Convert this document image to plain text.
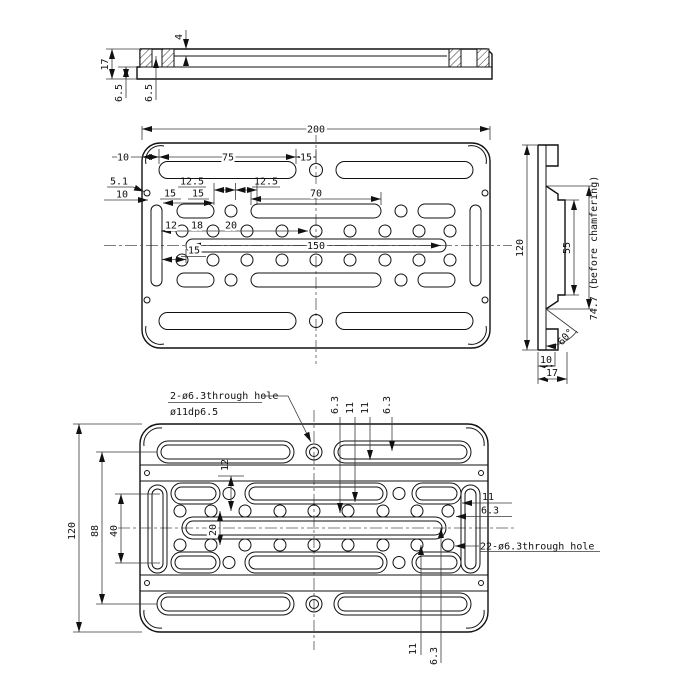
17
6.5 6.5
4
200
10	75	15
5.1
10
12.5	12.5
15 15	70
12 18 20
150
15	120	55 74.7 (before chamfering)
60°
10
17
120 88 40
12
20
6.3 11 11 6.3
11
6.3
22-ø6.3through hole
11 6.3
2-ø6.3through hole
ø11dp6.5
